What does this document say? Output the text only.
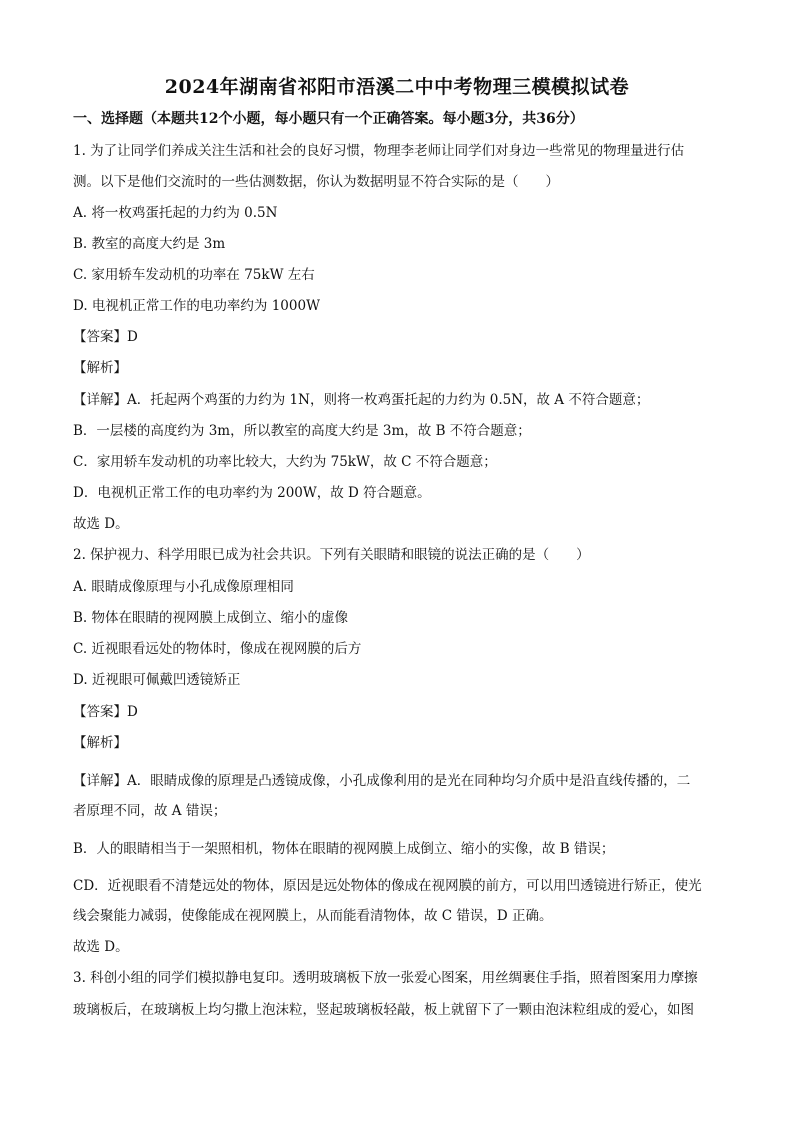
2024年湖南省祁阳市浯溪二中中考物理三模模拟试卷
一、选择题（本题共12个小题，每小题只有一个正确答案。每小题3分，共36分）
1. 为了让同学们养成关注生活和社会的良好习惯，物理李老师让同学们对身边一些常见的物理量进行估
测。以下是他们交流时的一些估测数据，你认为数据明显不符合实际的是（　　）
A. 将一枚鸡蛋托起的力约为 0.5N
B. 教室的高度大约是 3m
C. 家用轿车发动机的功率在 75kW 左右
D. 电视机正常工作的电功率约为 1000W
【答案】D
【解析】
【详解】A．托起两个鸡蛋的力约为 1N，则将一枚鸡蛋托起的力约为 0.5N，故 A 不符合题意；
B．一层楼的高度约为 3m，所以教室的高度大约是 3m，故 B 不符合题意；
C．家用轿车发动机的功率比较大，大约为 75kW，故 C 不符合题意；
D．电视机正常工作的电功率约为 200W，故 D 符合题意。
故选 D。
2. 保护视力、科学用眼已成为社会共识。下列有关眼睛和眼镜的说法正确的是（　　）
A. 眼睛成像原理与小孔成像原理相同
B. 物体在眼睛的视网膜上成倒立、缩小的虚像
C. 近视眼看远处的物体时，像成在视网膜的后方
D. 近视眼可佩戴凹透镜矫正
【答案】D
【解析】
【详解】A．眼睛成像的原理是凸透镜成像，小孔成像利用的是光在同种均匀介质中是沿直线传播的，二
者原理不同，故 A 错误；
B．人的眼睛相当于一架照相机，物体在眼睛的视网膜上成倒立、缩小的实像，故 B 错误；
CD．近视眼看不清楚远处的物体，原因是远处物体的像成在视网膜的前方，可以用凹透镜进行矫正，使光
线会聚能力减弱，使像能成在视网膜上，从而能看清物体，故 C 错误，D 正确。
故选 D。
3. 科创小组的同学们模拟静电复印。透明玻璃板下放一张爱心图案，用丝绸裹住手指，照着图案用力摩擦
玻璃板后，在玻璃板上均匀撒上泡沫粒，竖起玻璃板轻敲，板上就留下了一颗由泡沫粒组成的爱心，如图
